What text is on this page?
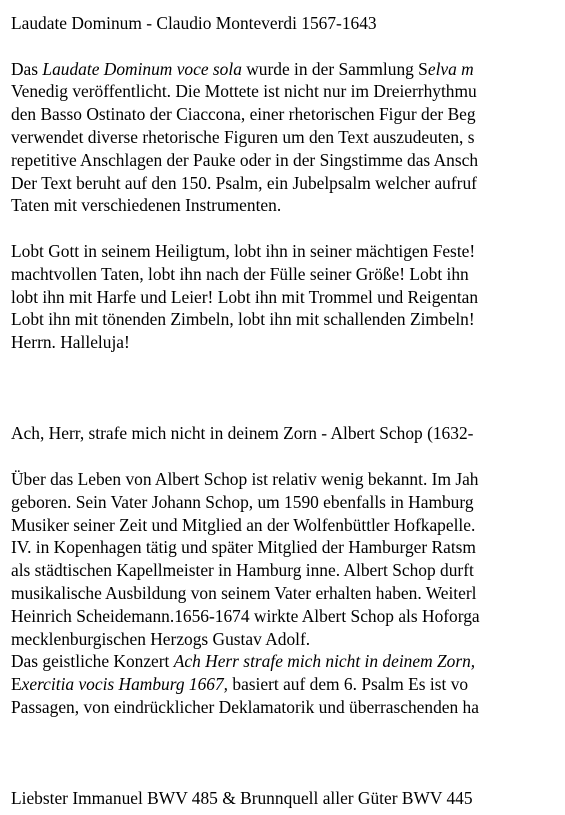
Laudate Dominum - Claudio Monteverdi 1567-1643
Das Laudate Dominum voce sola wurde in der Sammlung Selva m
Venedig veröffentlicht. Die Mottete ist nicht nur im Dreierrhythmu
den Basso Ostinato der Ciaccona, einer rhetorischen Figur der Beg
verwendet diverse rhetorische Figuren um den Text auszudeuten, s
repetitive Anschlagen der Pauke oder in der Singstimme das Ansch
Der Text beruht auf den 150. Psalm, ein Jubelpsalm welcher aufruf
Taten mit verschiedenen Instrumenten.
Lobt Gott in seinem Heiligtum, lobt ihn in seiner mächtigen Feste!
machtvollen Taten, lobt ihn nach der Fülle seiner Größe! Lobt ihn
lobt ihn mit Harfe und Leier! Lobt ihn mit Trommel und Reigentan
Lobt ihn mit tönenden Zimbeln, lobt ihn mit schallenden Zimbeln!
Herrn. Halleluja!
Ach, Herr, strafe mich nicht in deinem Zorn - Albert Schop (1632-
Über das Leben von Albert Schop ist relativ wenig bekannt. Im Jah
geboren. Sein Vater Johann Schop, um 1590 ebenfalls in Hamburg
Musiker seiner Zeit und Mitglied an der Wolfenbüttler Hofkapelle.
IV. in Kopenhagen tätig und später Mitglied der Hamburger Ratsm
als städtischen Kapellmeister in Hamburg inne. Albert Schop durft
musikalische Ausbildung von seinem Vater erhalten haben. Weiterl
Heinrich Scheidemann.1656-1674 wirkte Albert Schop als Hoforga
mecklenburgischen Herzogs Gustav Adolf.
Das geistliche Konzert Ach Herr strafe mich nicht in deinem Zorn,
Exercitia vocis Hamburg 1667, basiert auf dem 6. Psalm Es ist vo
Passagen, von eindrücklicher Deklamatorik und überraschenden ha
Liebster Immanuel BWV 485 & Brunnquell aller Güter BWV 445
